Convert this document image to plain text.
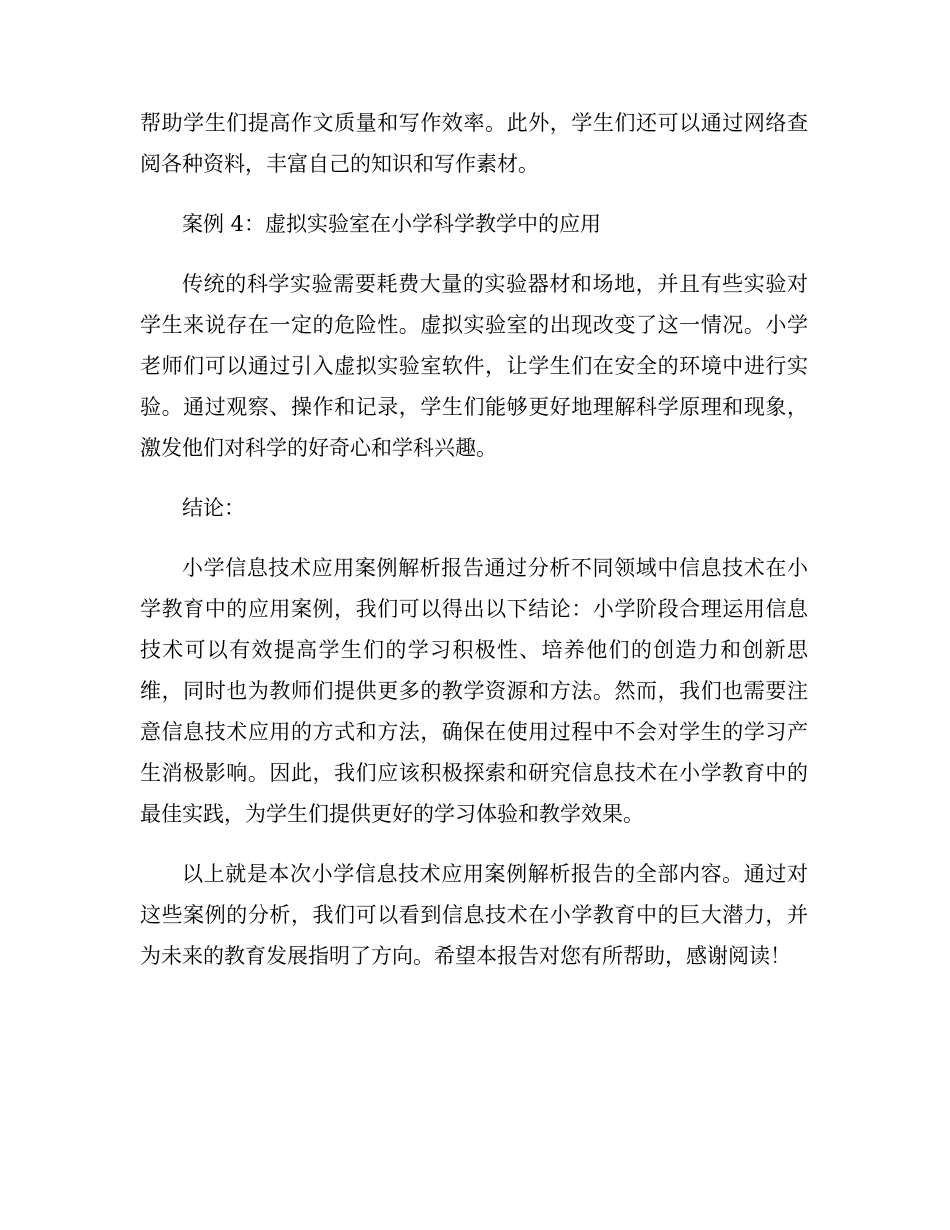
帮助学生们提高作文质量和写作效率。此外，学生们还可以通过网络查阅各种资料，丰富自己的知识和写作素材。

案例 4：虚拟实验室在小学科学教学中的应用

传统的科学实验需要耗费大量的实验器材和场地，并且有些实验对学生来说存在一定的危险性。虚拟实验室的出现改变了这一情况。小学老师们可以通过引入虚拟实验室软件，让学生们在安全的环境中进行实验。通过观察、操作和记录，学生们能够更好地理解科学原理和现象，激发他们对科学的好奇心和学科兴趣。

结论：

小学信息技术应用案例解析报告通过分析不同领域中信息技术在小学教育中的应用案例，我们可以得出以下结论：小学阶段合理运用信息技术可以有效提高学生们的学习积极性、培养他们的创造力和创新思维，同时也为教师们提供更多的教学资源和方法。然而，我们也需要注意信息技术应用的方式和方法，确保在使用过程中不会对学生的学习产生消极影响。因此，我们应该积极探索和研究信息技术在小学教育中的最佳实践，为学生们提供更好的学习体验和教学效果。

以上就是本次小学信息技术应用案例解析报告的全部内容。通过对这些案例的分析，我们可以看到信息技术在小学教育中的巨大潜力，并为未来的教育发展指明了方向。希望本报告对您有所帮助，感谢阅读！
